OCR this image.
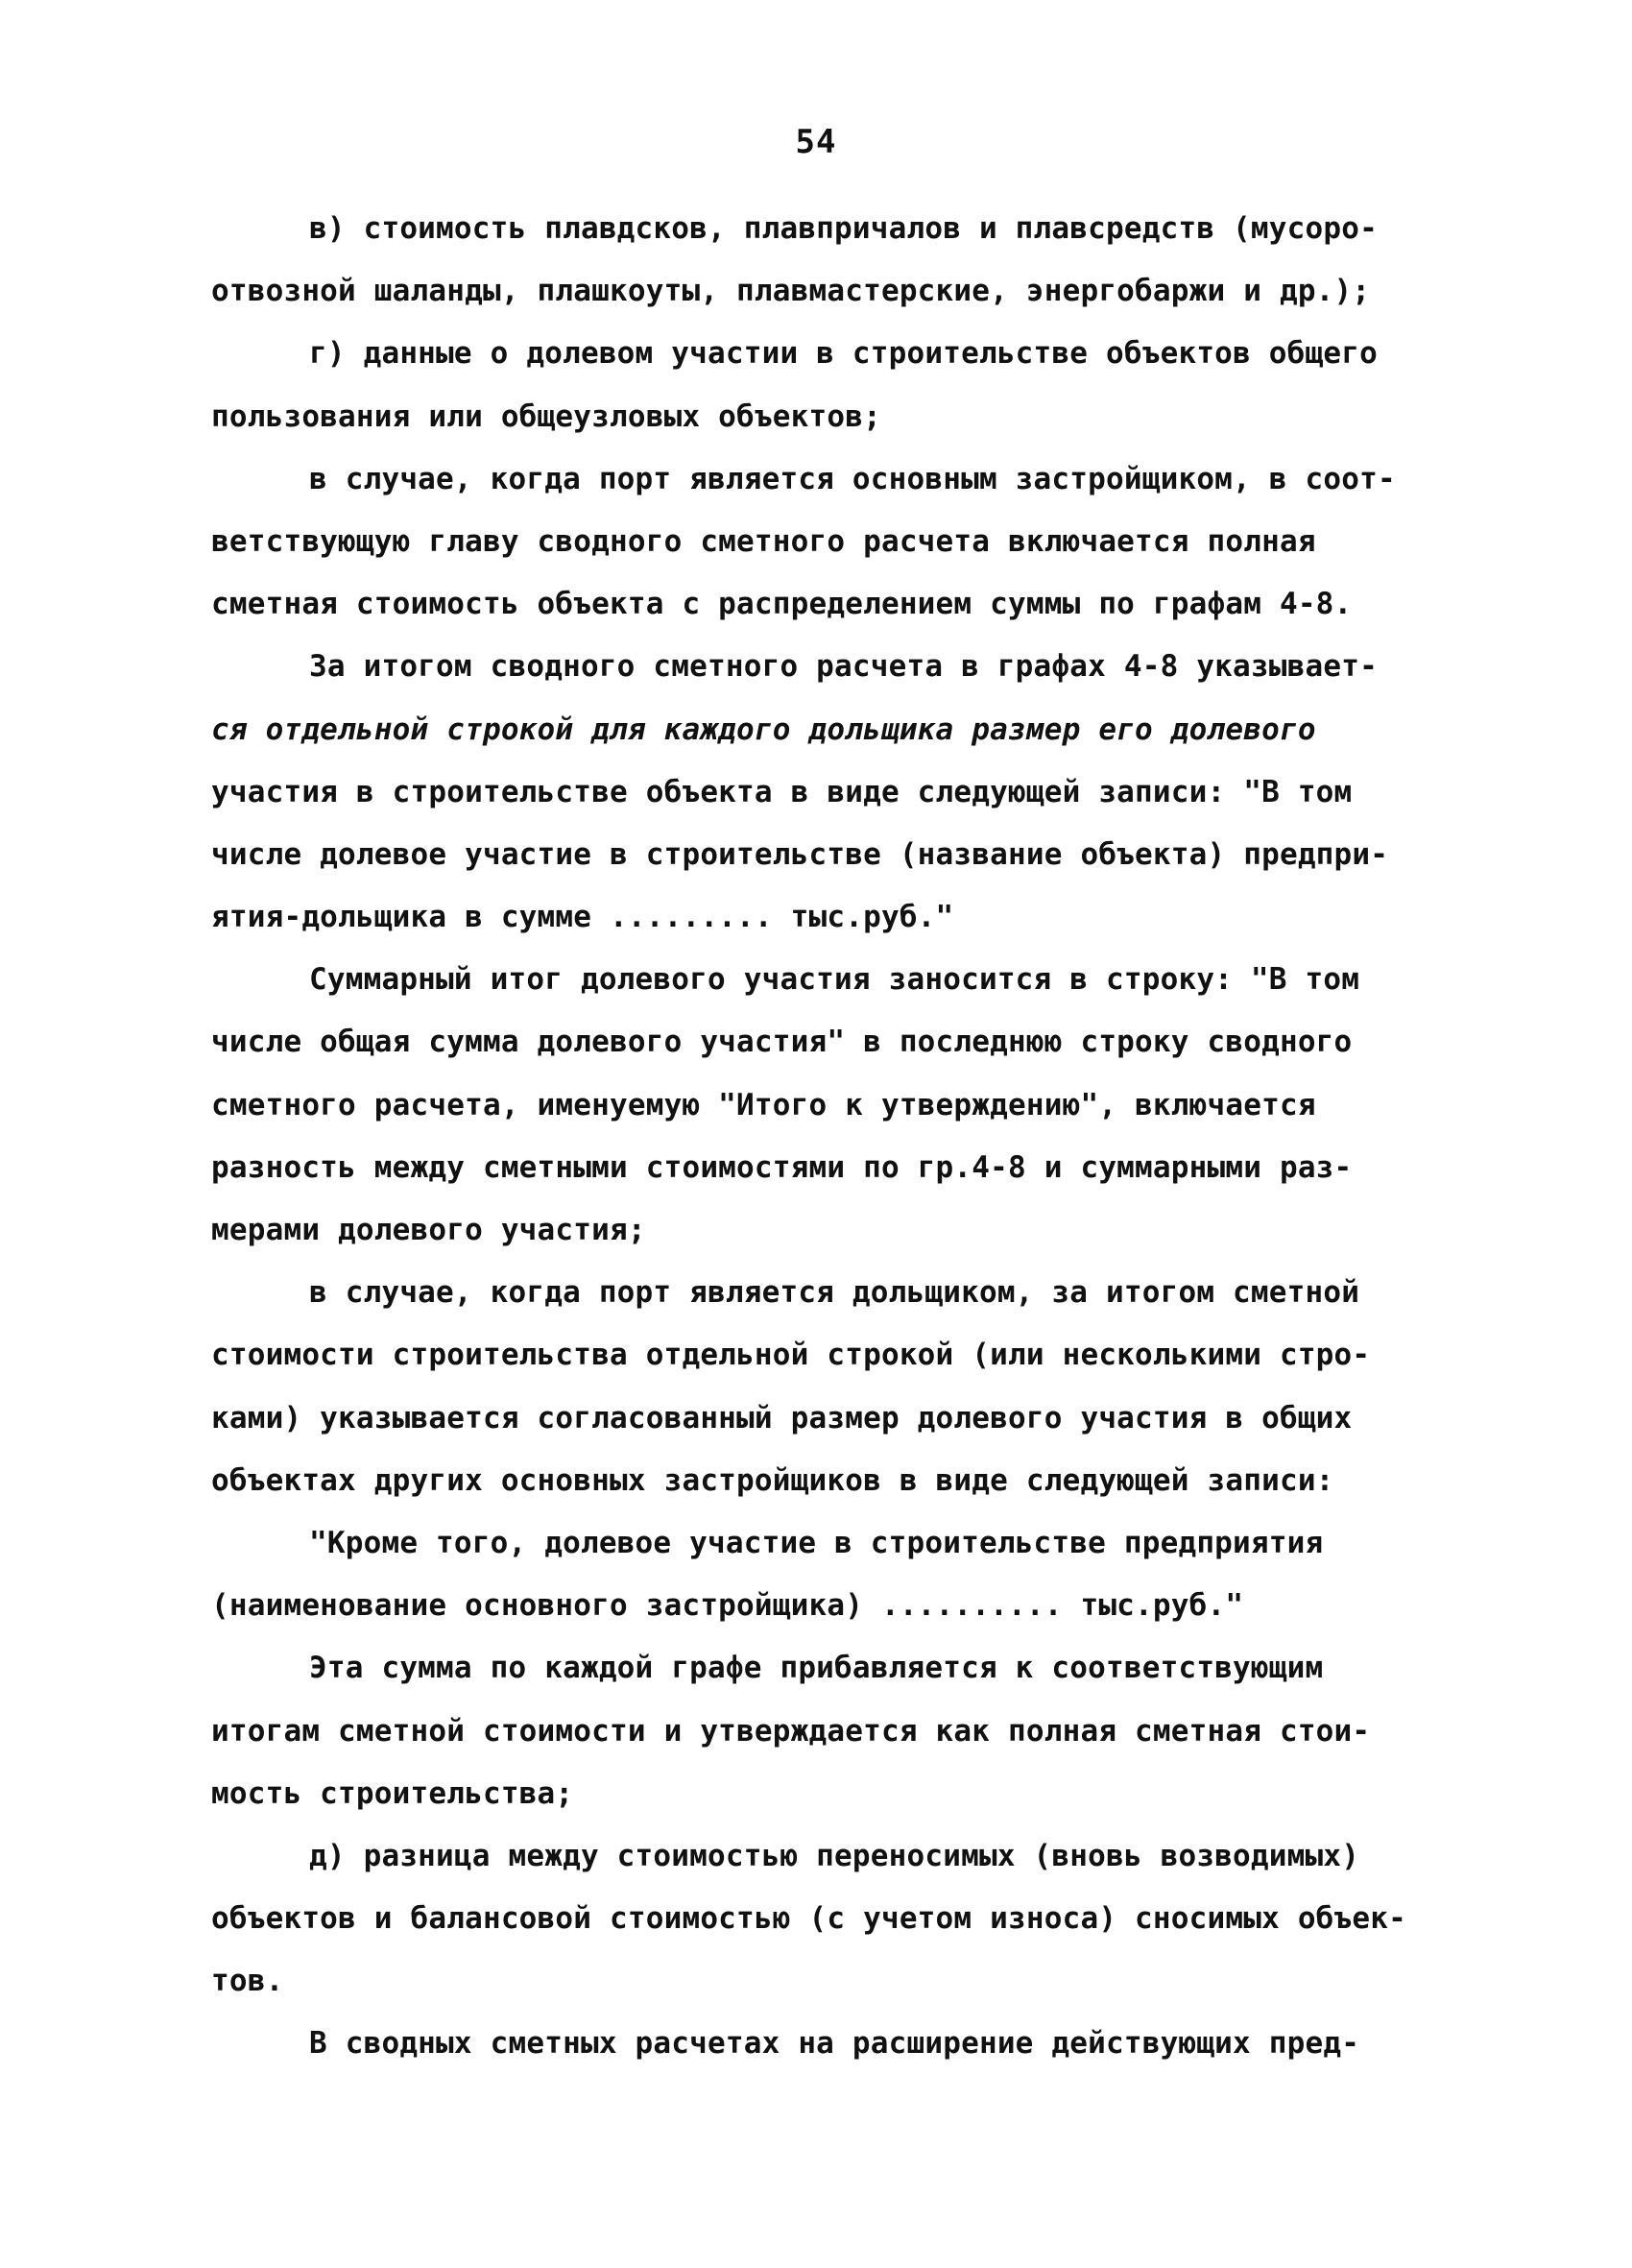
54
в) стоимость плавдсков, плавпричалов и плавсредств (мусоро-
отвозной шаланды, плашкоуты, плавмастерские, энергобаржи и др.);
г) данные о долевом участии в строительстве объектов общего
пользования или общеузловых объектов;
в случае, когда порт является основным застройщиком, в соот-
ветствующую главу сводного сметного расчета включается полная
сметная стоимость объекта с распределением суммы по графам 4-8.
За итогом сводного сметного расчета в графах 4-8 указывает-
ся отдельной строкой для каждого дольщика размер его долевого
участия в строительстве объекта в виде следующей записи: "В том
числе долевое участие в строительстве (название объекта) предпри-
ятия-дольщика в сумме ......... тыс.руб."
Суммарный итог долевого участия заносится в строку: "В том
числе общая сумма долевого участия" в последнюю строку сводного
сметного расчета, именуемую "Итого к утверждению", включается
разность между сметными стоимостями по гр.4-8 и суммарными раз-
мерами долевого участия;
в случае, когда порт является дольщиком, за итогом сметной
стоимости строительства отдельной строкой (или несколькими стро-
ками) указывается согласованный размер долевого участия в общих
объектах других основных застройщиков в виде следующей записи:
"Кроме того, долевое участие в строительстве предприятия
(наименование основного застройщика) .......... тыс.руб."
Эта сумма по каждой графе прибавляется к соответствующим
итогам сметной стоимости и утверждается как полная сметная стои-
мость строительства;
д) разница между стоимостью переносимых (вновь возводимых)
объектов и балансовой стоимостью (с учетом износа) сносимых объек-
тов.
В сводных сметных расчетах на расширение действующих пред-
